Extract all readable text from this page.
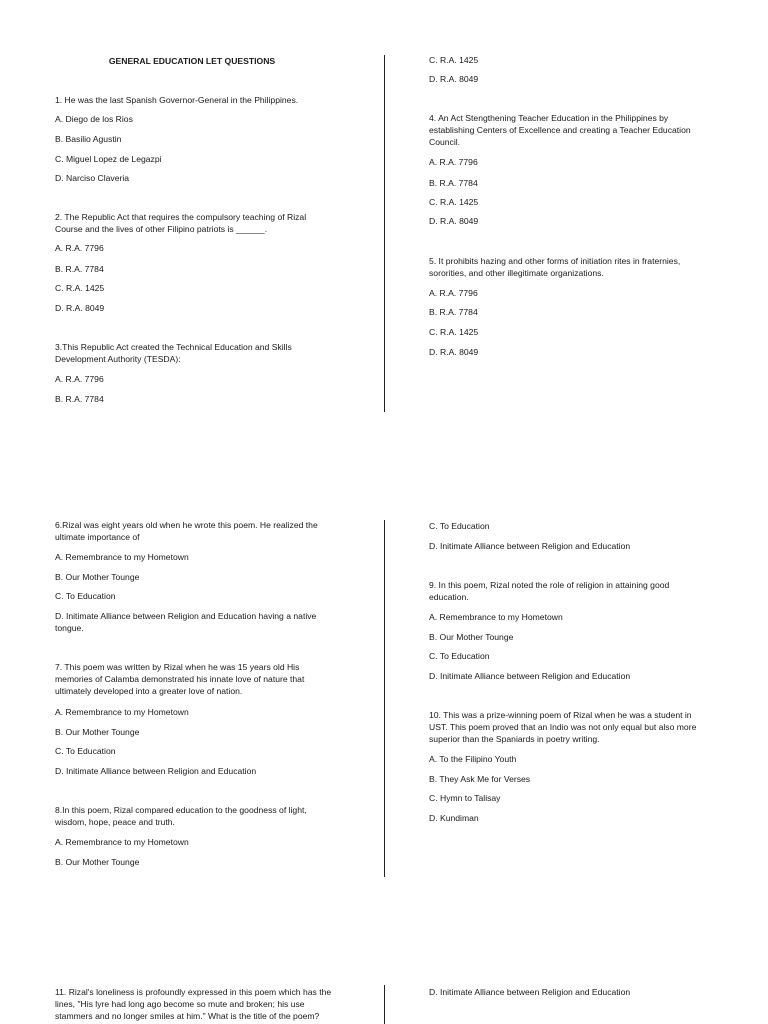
GENERAL EDUCATION LET QUESTIONS
1. He was the last Spanish Governor-General in the Philippines.
A. Diego de los Rios
B. Basilio Agustin
C. Miguel Lopez de Legazpi
D. Narciso Claveria
2. The Republic Act that requires the compulsory teaching of Rizal Course and the lives of other Filipino patriots is ______.
A. R.A. 7796
B. R.A. 7784
C. R.A. 1425
D. R.A. 8049
3.This Republic Act created the Technical Education and Skills Development Authority (TESDA):
A. R.A. 7796
B. R.A. 7784
C. R.A. 1425
D. R.A. 8049
4. An Act Stengthening Teacher Education in the Philippines by establishing Centers of Excellence and creating a Teacher Education Council.
A. R.A. 7796
B. R.A. 7784
C. R.A. 1425
D. R.A. 8049
5. It prohibits hazing and other forms of initiation rites in fraternies, sororities, and other illegitimate organizations.
A. R.A. 7796
B. R.A. 7784
C. R.A. 1425
D. R.A. 8049
6.Rizal was eight years old when he wrote this poem. He realized the ultimate importance of
A. Remembrance to my Hometown
B. Our Mother Tounge
C. To Education
D. Initimate Alliance between Religion and Education having a native tongue.
7. This poem was written by Rizal when he was 15 years old His memories of Calamba demonstrated his innate love of nature that ultimately developed into a greater love of nation.
A. Remembrance to my Hometown
B. Our Mother Tounge
C. To Education
D. Initimate Alliance between Religion and Education
8.In this poem, Rizal compared education to the goodness of light, wisdom, hope, peace and truth.
A. Remembrance to my Hometown
B. Our Mother Tounge
C. To Education
D. Initimate Alliance between Religion and Education
9. In this poem, Rizal noted the role of religion in attaining good education.
A. Remembrance to my Hometown
B. Our Mother Tounge
C. To Education
D. Initimate Alliance between Religion and Education
10. This was a prize-winning poem of Rizal when he was a student in UST. This poem proved that an Indio was not only equal but also more superior than the Spaniards in poetry writing.
A. To the Filipino Youth
B. They Ask Me for Verses
C. Hymn to Talisay
D. Kundiman
11. Rizal's loneliness is profoundly expressed in this poem which has the lines, "His lyre had long ago become so mute and broken; his use stammers and no longer smiles at him." What is the title of the poem?
D. Initimate Alliance between Religion and Education
